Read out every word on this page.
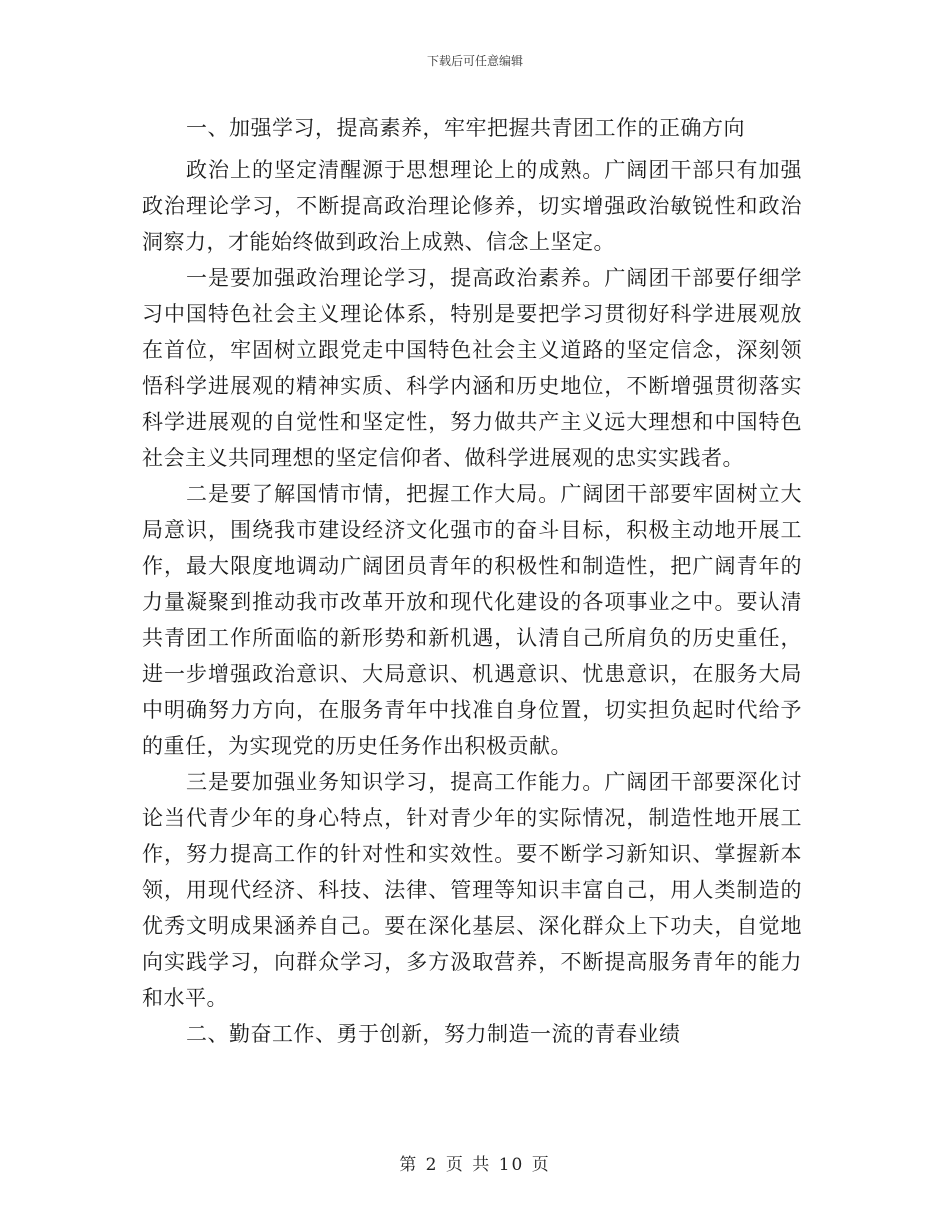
下载后可任意编辑

一、加强学习，提高素养，牢牢把握共青团工作的正确方向

政治上的坚定清醒源于思想理论上的成熟。广阔团干部只有加强政治理论学习，不断提高政治理论修养，切实增强政治敏锐性和政治洞察力，才能始终做到政治上成熟、信念上坚定。

一是要加强政治理论学习，提高政治素养。广阔团干部要仔细学习中国特色社会主义理论体系，特别是要把学习贯彻好科学进展观放在首位，牢固树立跟党走中国特色社会主义道路的坚定信念，深刻领悟科学进展观的精神实质、科学内涵和历史地位，不断增强贯彻落实科学进展观的自觉性和坚定性，努力做共产主义远大理想和中国特色社会主义共同理想的坚定信仰者、做科学进展观的忠实实践者。

二是要了解国情市情，把握工作大局。广阔团干部要牢固树立大局意识，围绕我市建设经济文化强市的奋斗目标，积极主动地开展工作，最大限度地调动广阔团员青年的积极性和制造性，把广阔青年的力量凝聚到推动我市改革开放和现代化建设的各项事业之中。要认清共青团工作所面临的新形势和新机遇，认清自己所肩负的历史重任，进一步增强政治意识、大局意识、机遇意识、忧患意识，在服务大局中明确努力方向，在服务青年中找准自身位置，切实担负起时代给予的重任，为实现党的历史任务作出积极贡献。

三是要加强业务知识学习，提高工作能力。广阔团干部要深化讨论当代青少年的身心特点，针对青少年的实际情况，制造性地开展工作，努力提高工作的针对性和实效性。要不断学习新知识、掌握新本领，用现代经济、科技、法律、管理等知识丰富自己，用人类制造的优秀文明成果涵养自己。要在深化基层、深化群众上下功夫，自觉地向实践学习，向群众学习，多方汲取营养，不断提高服务青年的能力和水平。

二、勤奋工作、勇于创新，努力制造一流的青春业绩

第 2 页 共 10 页
